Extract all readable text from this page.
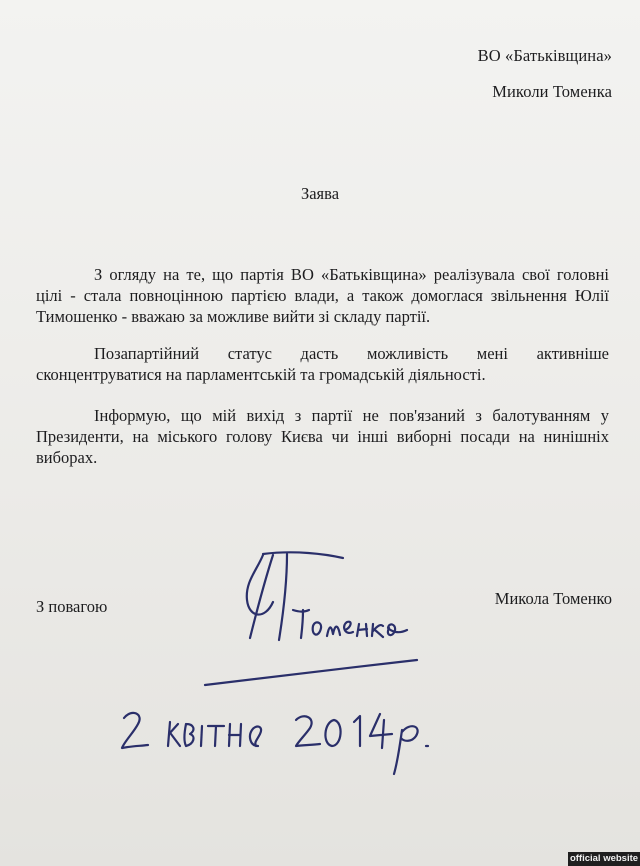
ВО «Батьківщина»
Миколи Томенка
Заява

З огляду на те, що партія ВО «Батьківщина» реалізувала свої головні цілі - стала повноцінною партією влади, а також домоглася звільнення Юлії Тимошенко - вважаю за можливе вийти зі складу партії.

Позапартійний статус дасть можливість мені активніше сконцентруватися на парламентській та громадській діяльності.

Інформую, що мій вихід з партії не пов'язаний з балотуванням у Президенти, на міського голову Києва чи інші виборні посади на нинішніх виборах.

З повагою	Микола Томенко
official website
